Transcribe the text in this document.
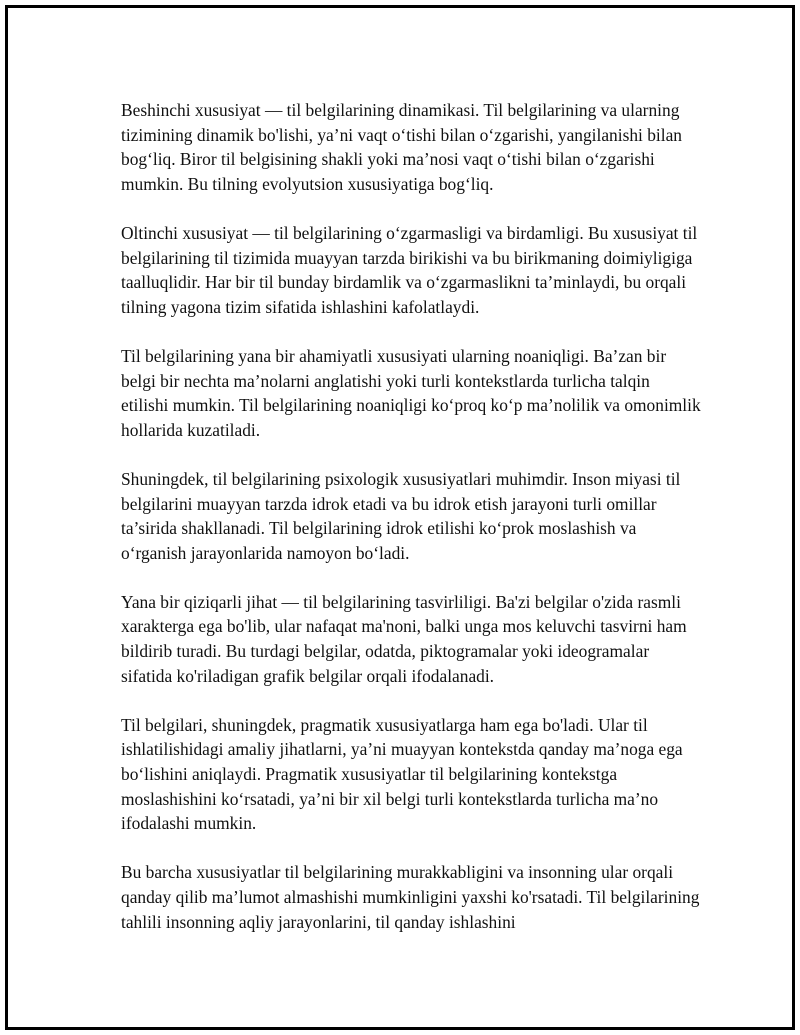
Beshinchi xususiyat — til belgilarining dinamikasi. Til belgilarining va ularning tizimining dinamik bo'lishi, ya’ni vaqt o‘tishi bilan o‘zgarishi, yangilanishi bilan bog‘liq. Biror til belgisining shakli yoki ma’nosi vaqt o‘tishi bilan o‘zgarishi mumkin. Bu tilning evolyutsion xususiyatiga bog‘liq.

Oltinchi xususiyat — til belgilarining o‘zgarmasligi va birdamligi. Bu xususiyat til belgilarining til tizimida muayyan tarzda birikishi va bu birikmaning doimiyligiga taalluqlidir. Har bir til bunday birdamlik va o‘zgarmaslikni ta’minlaydi, bu orqali tilning yagona tizim sifatida ishlashini kafolatlaydi.

Til belgilarining yana bir ahamiyatli xususiyati ularning noaniqligi. Ba’zan bir belgi bir nechta ma’nolarni anglatishi yoki turli kontekstlarda turlicha talqin etilishi mumkin. Til belgilarining noaniqligi ko‘proq ko‘p ma’nolilik va omonimlik hollarida kuzatiladi.

Shuningdek, til belgilarining psixologik xususiyatlari muhimdir. Inson miyasi til belgilarini muayyan tarzda idrok etadi va bu idrok etish jarayoni turli omillar ta’sirida shakllanadi. Til belgilarining idrok etilishi ko‘prok moslashish va o‘rganish jarayonlarida namoyon bo‘ladi.

Yana bir qiziqarli jihat — til belgilarining tasvirliligi. Ba'zi belgilar o'zida rasmli xarakterga ega bo'lib, ular nafaqat ma'noni, balki unga mos keluvchi tasvirni ham bildirib turadi. Bu turdagi belgilar, odatda, piktogramalar yoki ideogramalar sifatida ko'riladigan grafik belgilar orqali ifodalanadi.

Til belgilari, shuningdek, pragmatik xususiyatlarga ham ega bo'ladi. Ular til ishlatilishidagi amaliy jihatlarni, ya’ni muayyan kontekstda qanday ma’noga ega bo‘lishini aniqlaydi. Pragmatik xususiyatlar til belgilarining kontekstga moslashishini ko‘rsatadi, ya’ni bir xil belgi turli kontekstlarda turlicha ma’no ifodalashi mumkin.

Bu barcha xususiyatlar til belgilarining murakkabligini va insonning ular orqali qanday qilib ma’lumot almashishi mumkinligini yaxshi ko'rsatadi. Til belgilarining tahlili insonning aqliy jarayonlarini, til qanday ishlashini
